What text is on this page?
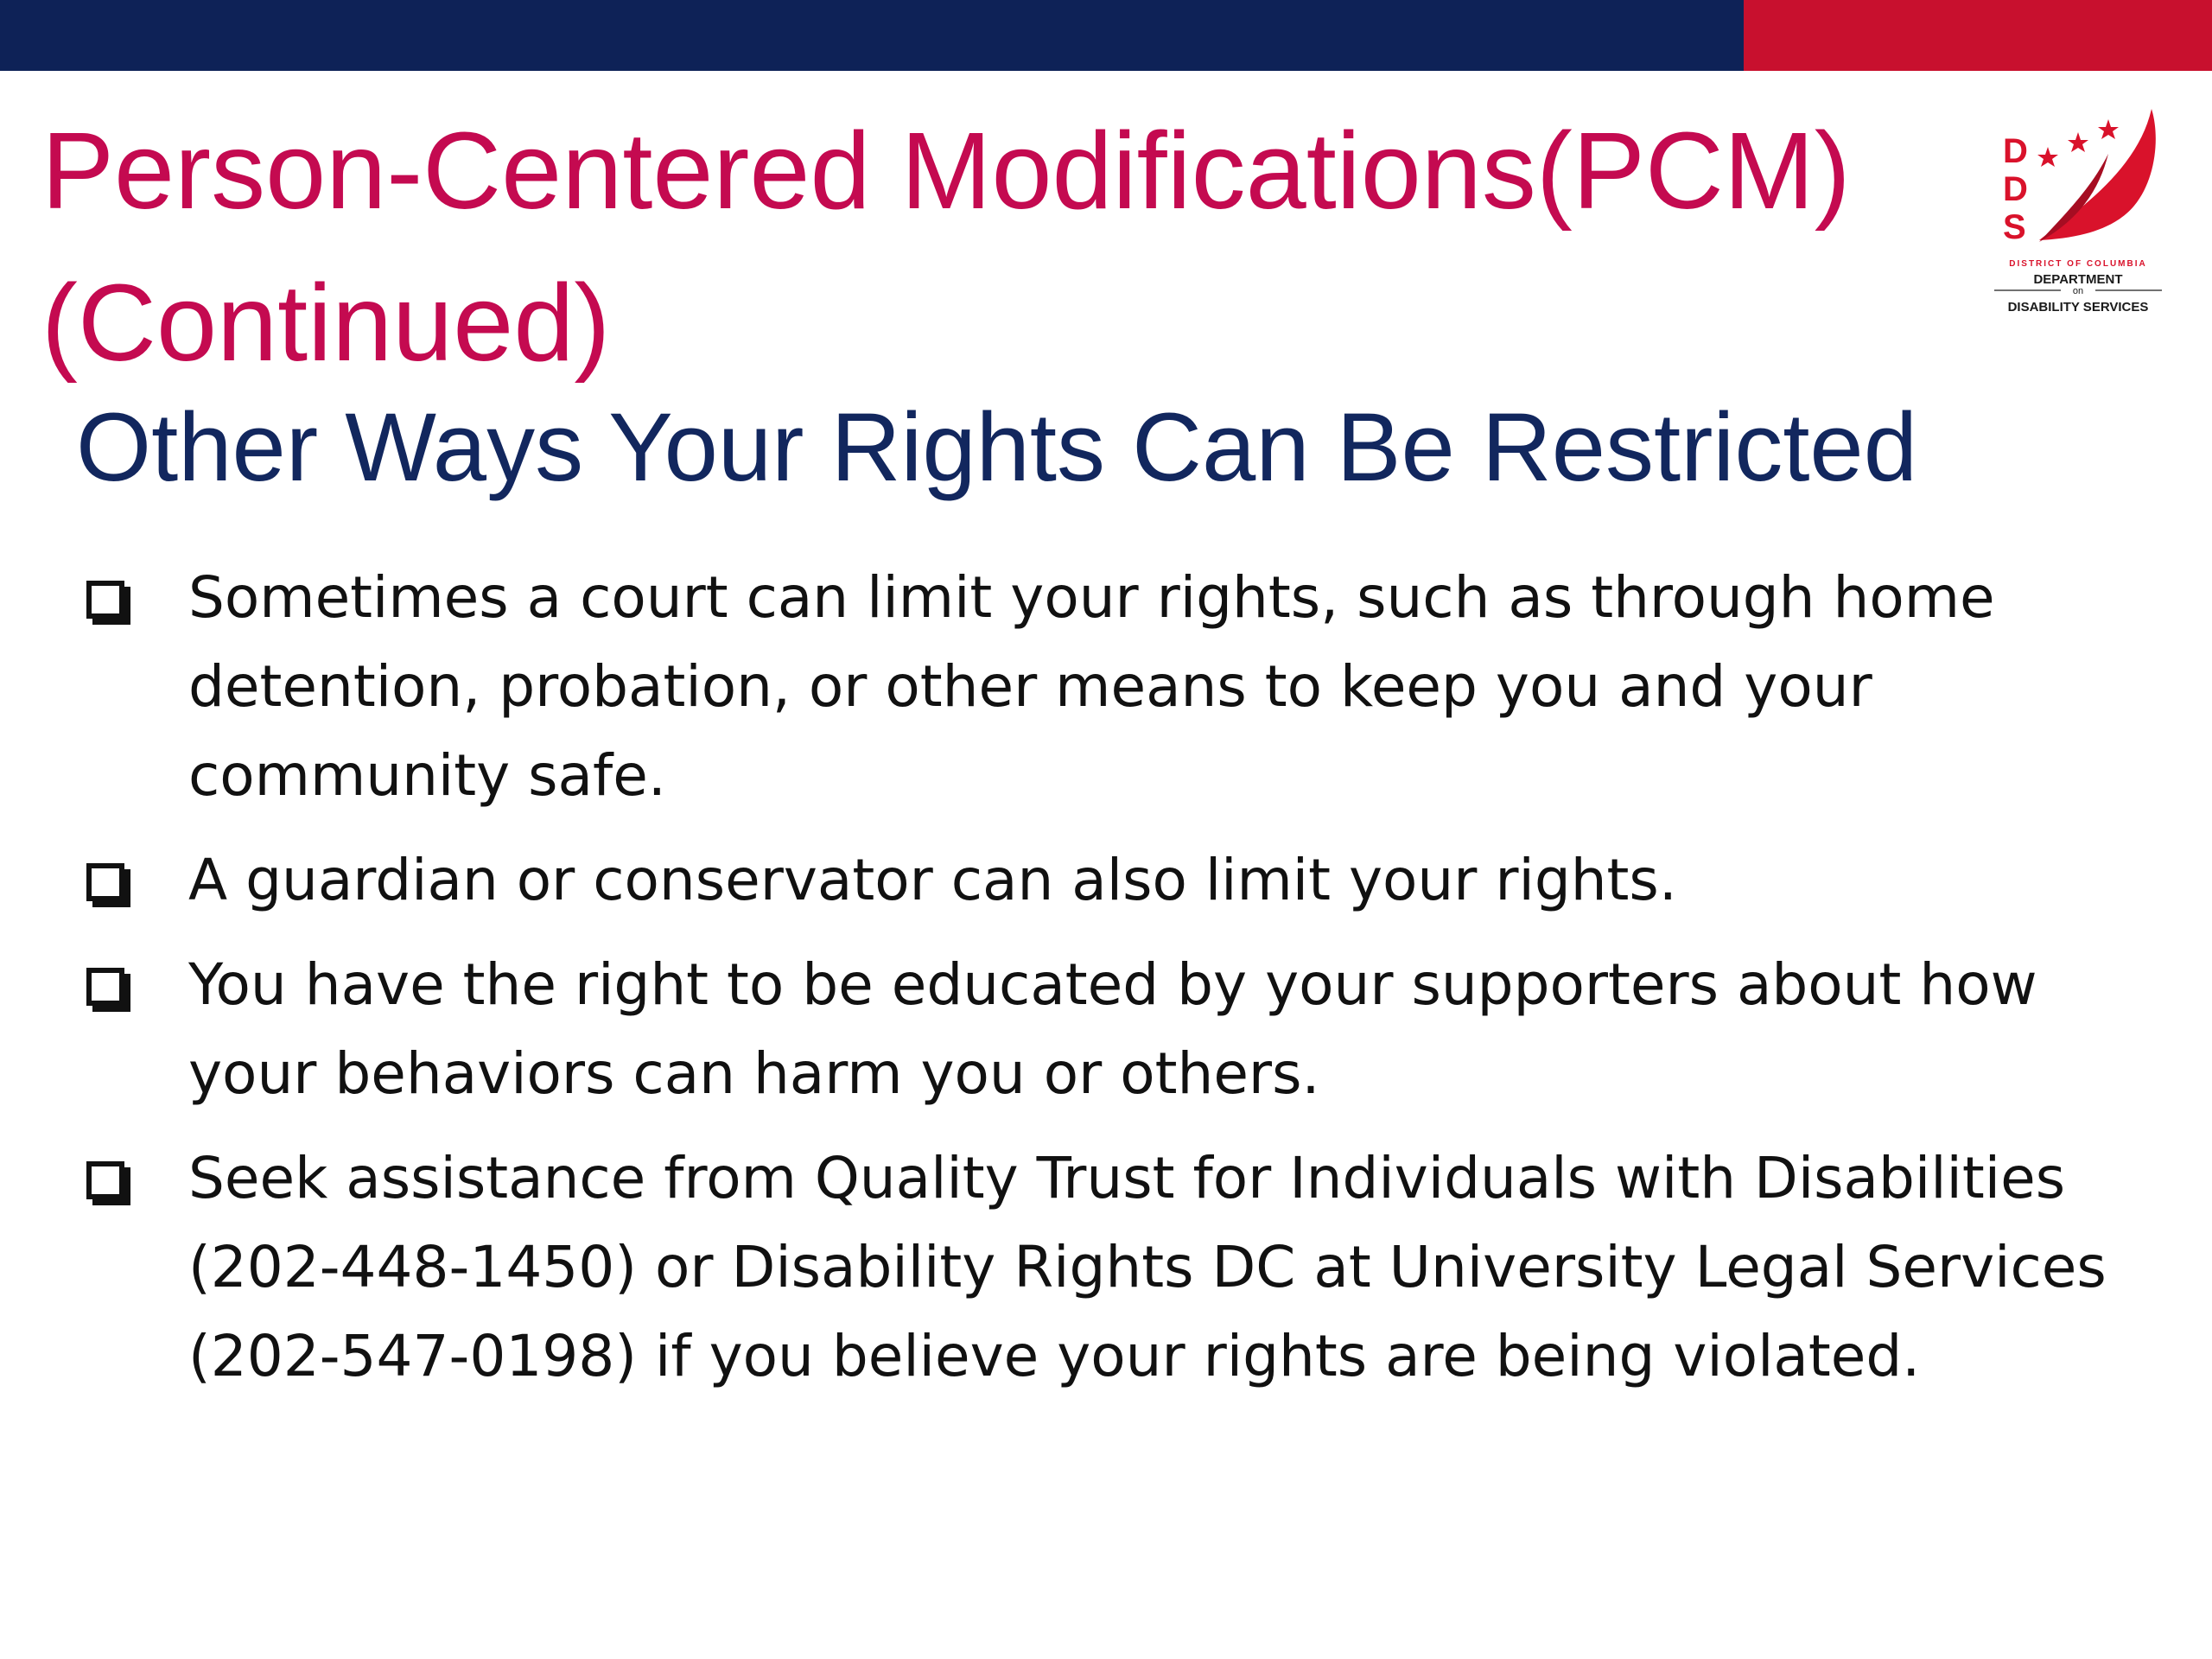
Person-Centered Modifications(PCM) (Continued)
D
D
S
DISTRICT OF COLUMBIA
DEPARTMENT
on
DISABILITY SERVICES
Other Ways Your Rights Can Be Restricted
Sometimes a court can limit your rights, such as through home detention, probation, or other means to keep you and your community safe.
A guardian or conservator can also limit your rights.
You have the right to be educated by your supporters about how your behaviors can harm you or others.
Seek assistance from Quality Trust for Individuals with Disabilities (202-448-1450) or Disability Rights DC at University Legal Services (202-547-0198) if you believe your rights are being violated.
